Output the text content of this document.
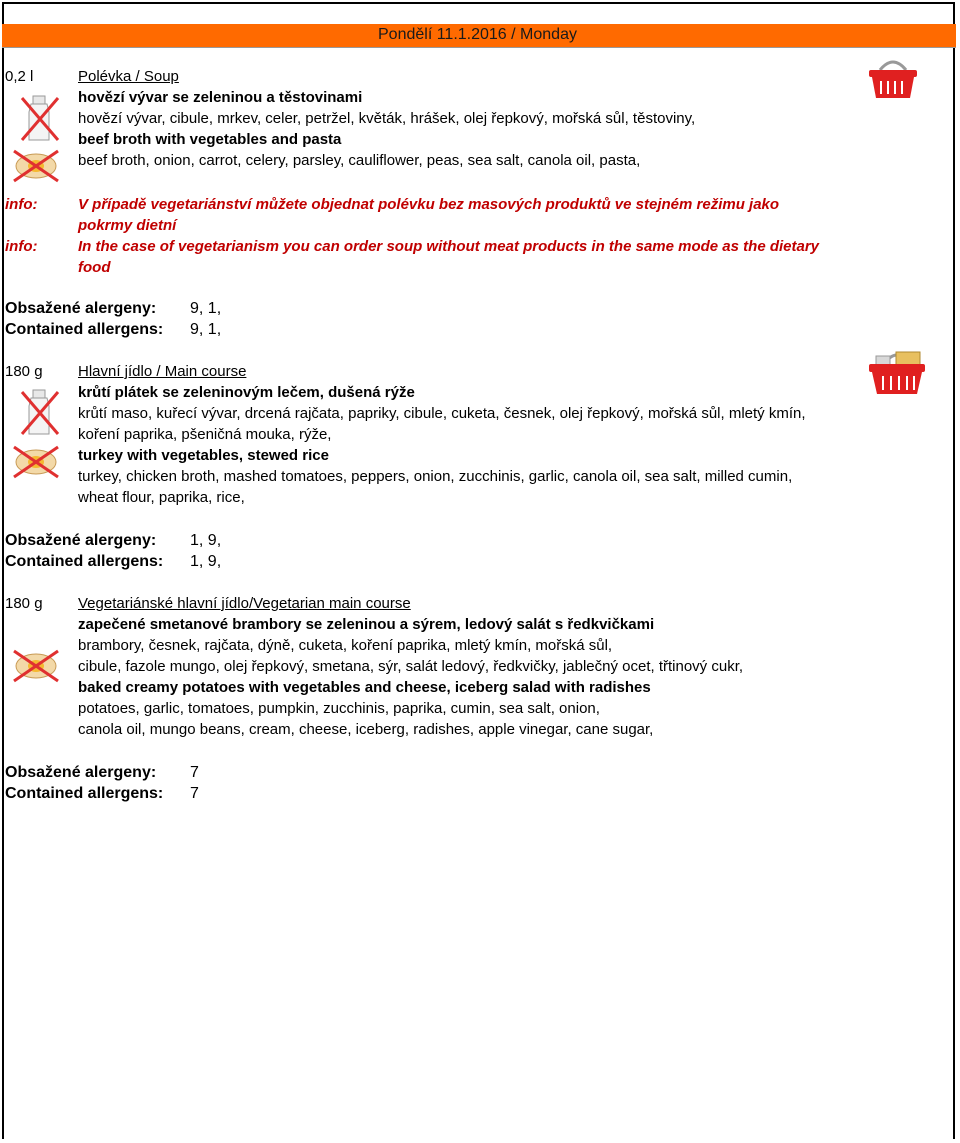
Pondělí 11.1.2016 / Monday
0,2 l	Polévka / Soup
hovězí vývar se zeleninou a těstovinami
hovězí vývar, cibule, mrkev, celer, petržel, květák, hrášek, olej řepkový, mořská sůl, těstoviny,
beef broth with vegetables and pasta
beef broth, onion, carrot, celery, parsley, cauliflower, peas, sea salt, canola oil, pasta,
info:	V případě vegetariánství můžete objednat polévku bez masových produktů ve stejném režimu jako
pokrmy dietní
info:	In the case of vegetarianism you can order soup without meat products in the same mode as the dietary
food
Obsažené alergeny: 9, 1,
Contained allergens: 9, 1,
180 g Hlavní jídlo / Main course
krůtí plátek se zeleninovým lečem, dušená rýže
krůtí maso, kuřecí vývar, drcená rajčata, papriky, cibule, cuketa, česnek, olej řepkový, mořská sůl, mletý kmín,
koření paprika, pšeničná mouka, rýže,
turkey with vegetables, stewed rice
turkey, chicken broth, mashed tomatoes, peppers, onion, zucchinis, garlic, canola oil, sea salt, milled cumin,
wheat flour, paprika, rice,
Obsažené alergeny: 1, 9,
Contained allergens: 1, 9,
180 g Vegetariánské hlavní jídlo/Vegetarian main course
zapečené smetanové brambory se zeleninou a sýrem, ledový salát s ředkvičkami
brambory, česnek, rajčata, dýně, cuketa, koření paprika, mletý kmín, mořská sůl,
cibule, fazole mungo, olej řepkový, smetana, sýr, salát ledový, ředkvičky, jablečný ocet, třtinový cukr,
baked creamy potatoes with vegetables and cheese, iceberg salad with radishes
potatoes, garlic, tomatoes, pumpkin, zucchinis, paprika, cumin, sea salt, onion,
canola oil, mungo beans, cream, cheese, iceberg, radishes, apple vinegar, cane sugar,
Obsažené alergeny: 7
Contained allergens: 7
